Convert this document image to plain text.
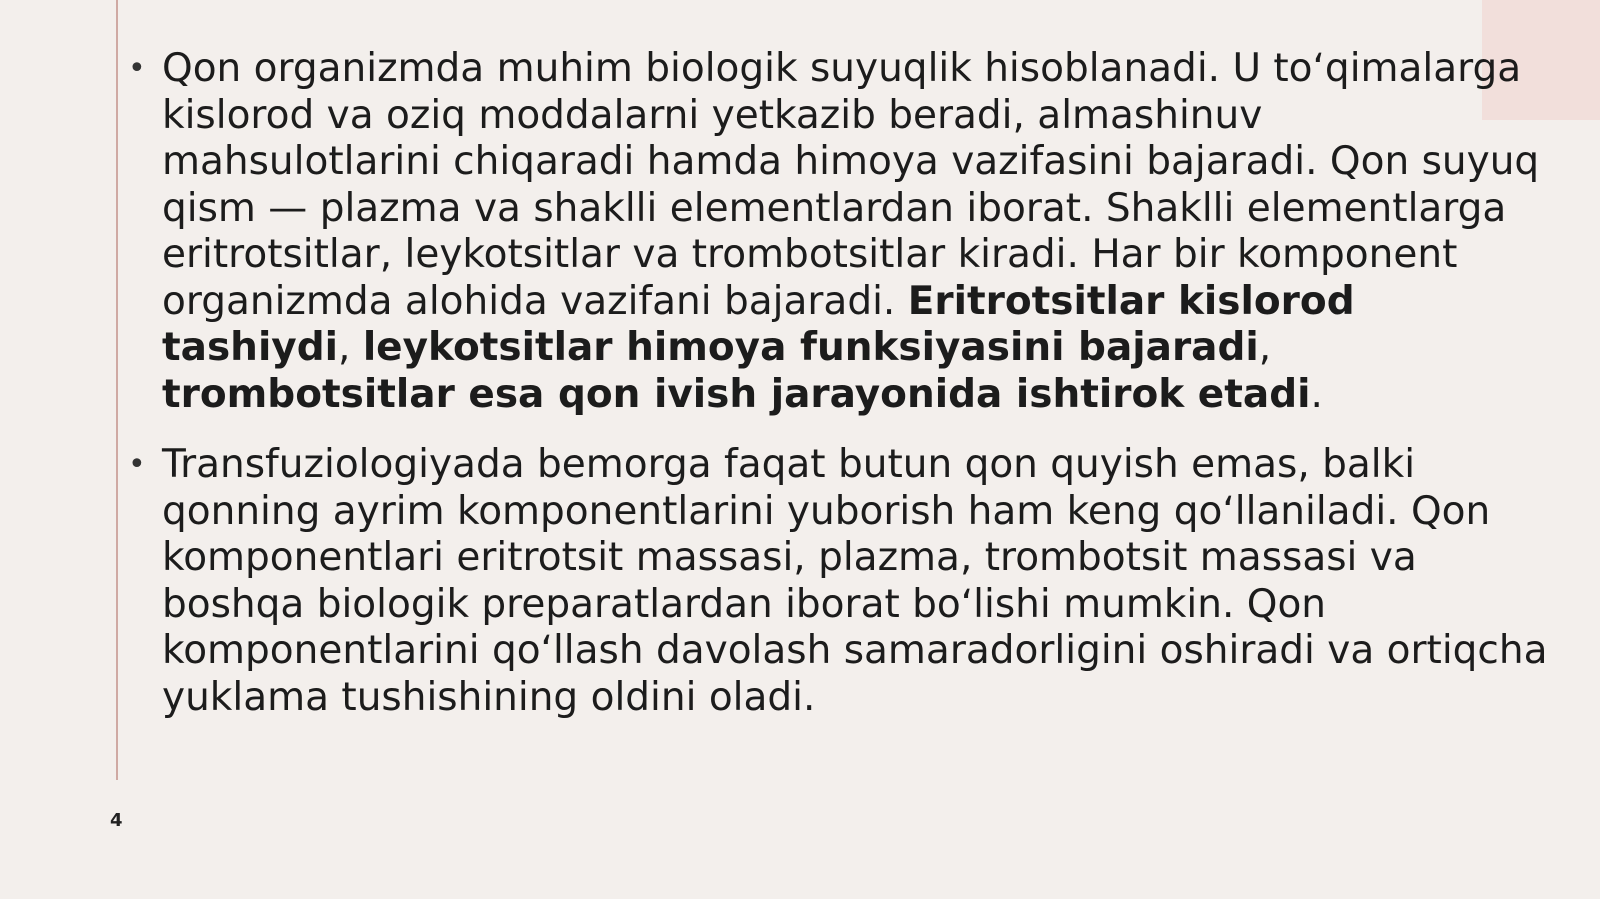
• Qon organizmda muhim biologik suyuqlik hisoblanadi. U to‘qimalarga kislorod va oziq moddalarni yetkazib beradi, almashinuv mahsulotlarini chiqaradi hamda himoya vazifasini bajaradi. Qon suyuq qism — plazma va shaklli elementlardan iborat. Shaklli elementlarga eritrotsitlar, leykotsitlar va trombotsitlar kiradi. Har bir komponent organizmda alohida vazifani bajaradi. Eritrotsitlar kislorod tashiydi, leykotsitlar himoya funksiyasini bajaradi, trombotsitlar esa qon ivish jarayonida ishtirok etadi.
• Transfuziologiyada bemorga faqat butun qon quyish emas, balki qonning ayrim komponentlarini yuborish ham keng qo‘llaniladi. Qon komponentlari eritrotsit massasi, plazma, trombotsit massasi va boshqa biologik preparatlardan iborat bo‘lishi mumkin. Qon komponentlarini qo‘llash davolash samaradorligini oshiradi va ortiqcha yuklama tushishining oldini oladi.
4
